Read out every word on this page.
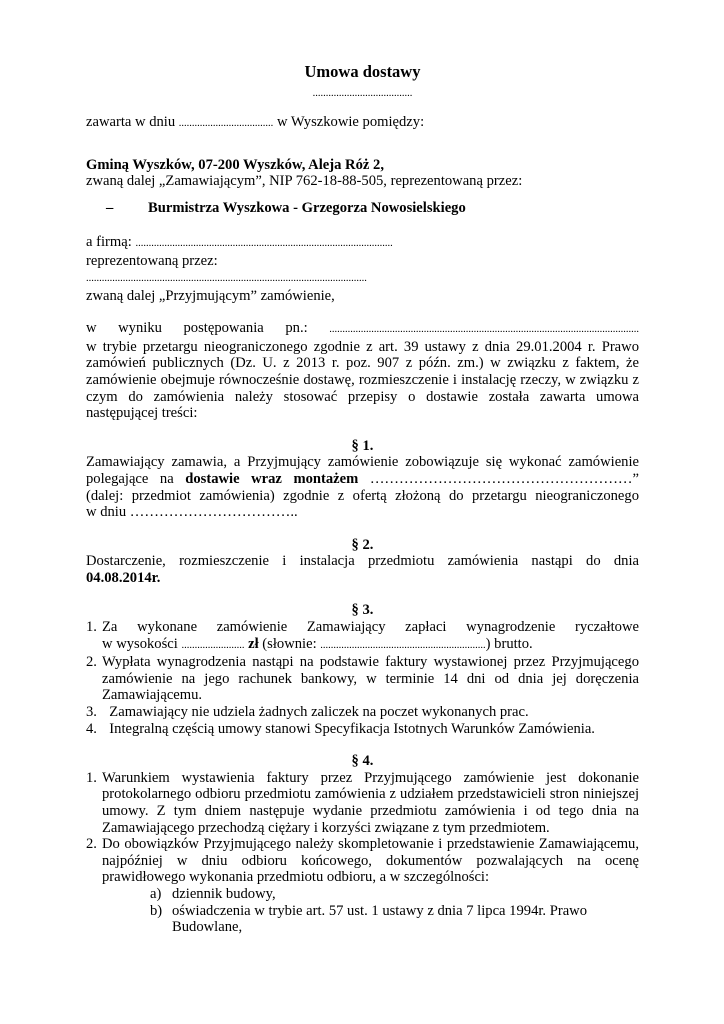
Umowa dostawy
......................................
zawarta w dniu .................................... w Wyszkowie pomiędzy:
Gminą Wyszków, 07-200 Wyszków, Aleja Róż 2,
zwaną dalej „Zamawiającym”, NIP 762-18-88-505, reprezentowaną przez:
–	Burmistrza Wyszkowa - Grzegorza Nowosielskiego
a firmą: ..................................................................................................
reprezentowaną przez:
...........................................................................................................
zwaną dalej „Przyjmującym” zamówienie,
w wyniku postępowania pn.: ......................................................................................................................
w trybie przetargu nieograniczonego zgodnie z art. 39 ustawy z dnia 29.01.2004 r. Prawo zamówień publicznych (Dz. U. z 2013 r. poz. 907 z późn. zm.) w związku z faktem, że zamówienie obejmuje równocześnie dostawę, rozmieszczenie i instalację rzeczy, w związku z czym do zamówienia należy stosować przepisy o dostawie została zawarta umowa następującej treści:
§ 1.
Zamawiający zamawia, a Przyjmujący zamówienie zobowiązuje się wykonać zamówienie
polegające na dostawie wraz montażem ………………………………………………”
(dalej: przedmiot zamówienia) zgodnie z ofertą złożoną do przetargu nieograniczonego
w dniu ……………………………..
§ 2.
Dostarczenie, rozmieszczenie i instalacja przedmiotu zamówienia nastąpi do dnia
04.08.2014r.
§ 3.
1. Za wykonane zamówienie Zamawiający zapłaci wynagrodzenie ryczałtowe
w wysokości ........................ zł (słownie: ...............................................................) brutto.
2. Wypłata wynagrodzenia nastąpi na podstawie faktury wystawionej przez Przyjmującego zamówienie na jego rachunek bankowy, w terminie 14 dni od dnia jej doręczenia Zamawiającemu.
3. Zamawiający nie udziela żadnych zaliczek na poczet wykonanych prac.
4. Integralną częścią umowy stanowi Specyfikacja Istotnych Warunków Zamówienia.
§ 4.
1. Warunkiem wystawienia faktury przez Przyjmującego zamówienie jest dokonanie protokolarnego odbioru przedmiotu zamówienia z udziałem przedstawicieli stron niniejszej umowy. Z tym dniem następuje wydanie przedmiotu zamówienia i od tego dnia na Zamawiającego przechodzą ciężary i korzyści związane z tym przedmiotem.
2. Do obowiązków Przyjmującego należy skompletowanie i przedstawienie Zamawiającemu, najpóźniej w dniu odbioru końcowego, dokumentów pozwalających na ocenę prawidłowego wykonania przedmiotu odbioru, a w szczególności:
a) dziennik budowy,
b) oświadczenia w trybie art. 57 ust. 1 ustawy z dnia 7 lipca 1994r. Prawo Budowlane,
